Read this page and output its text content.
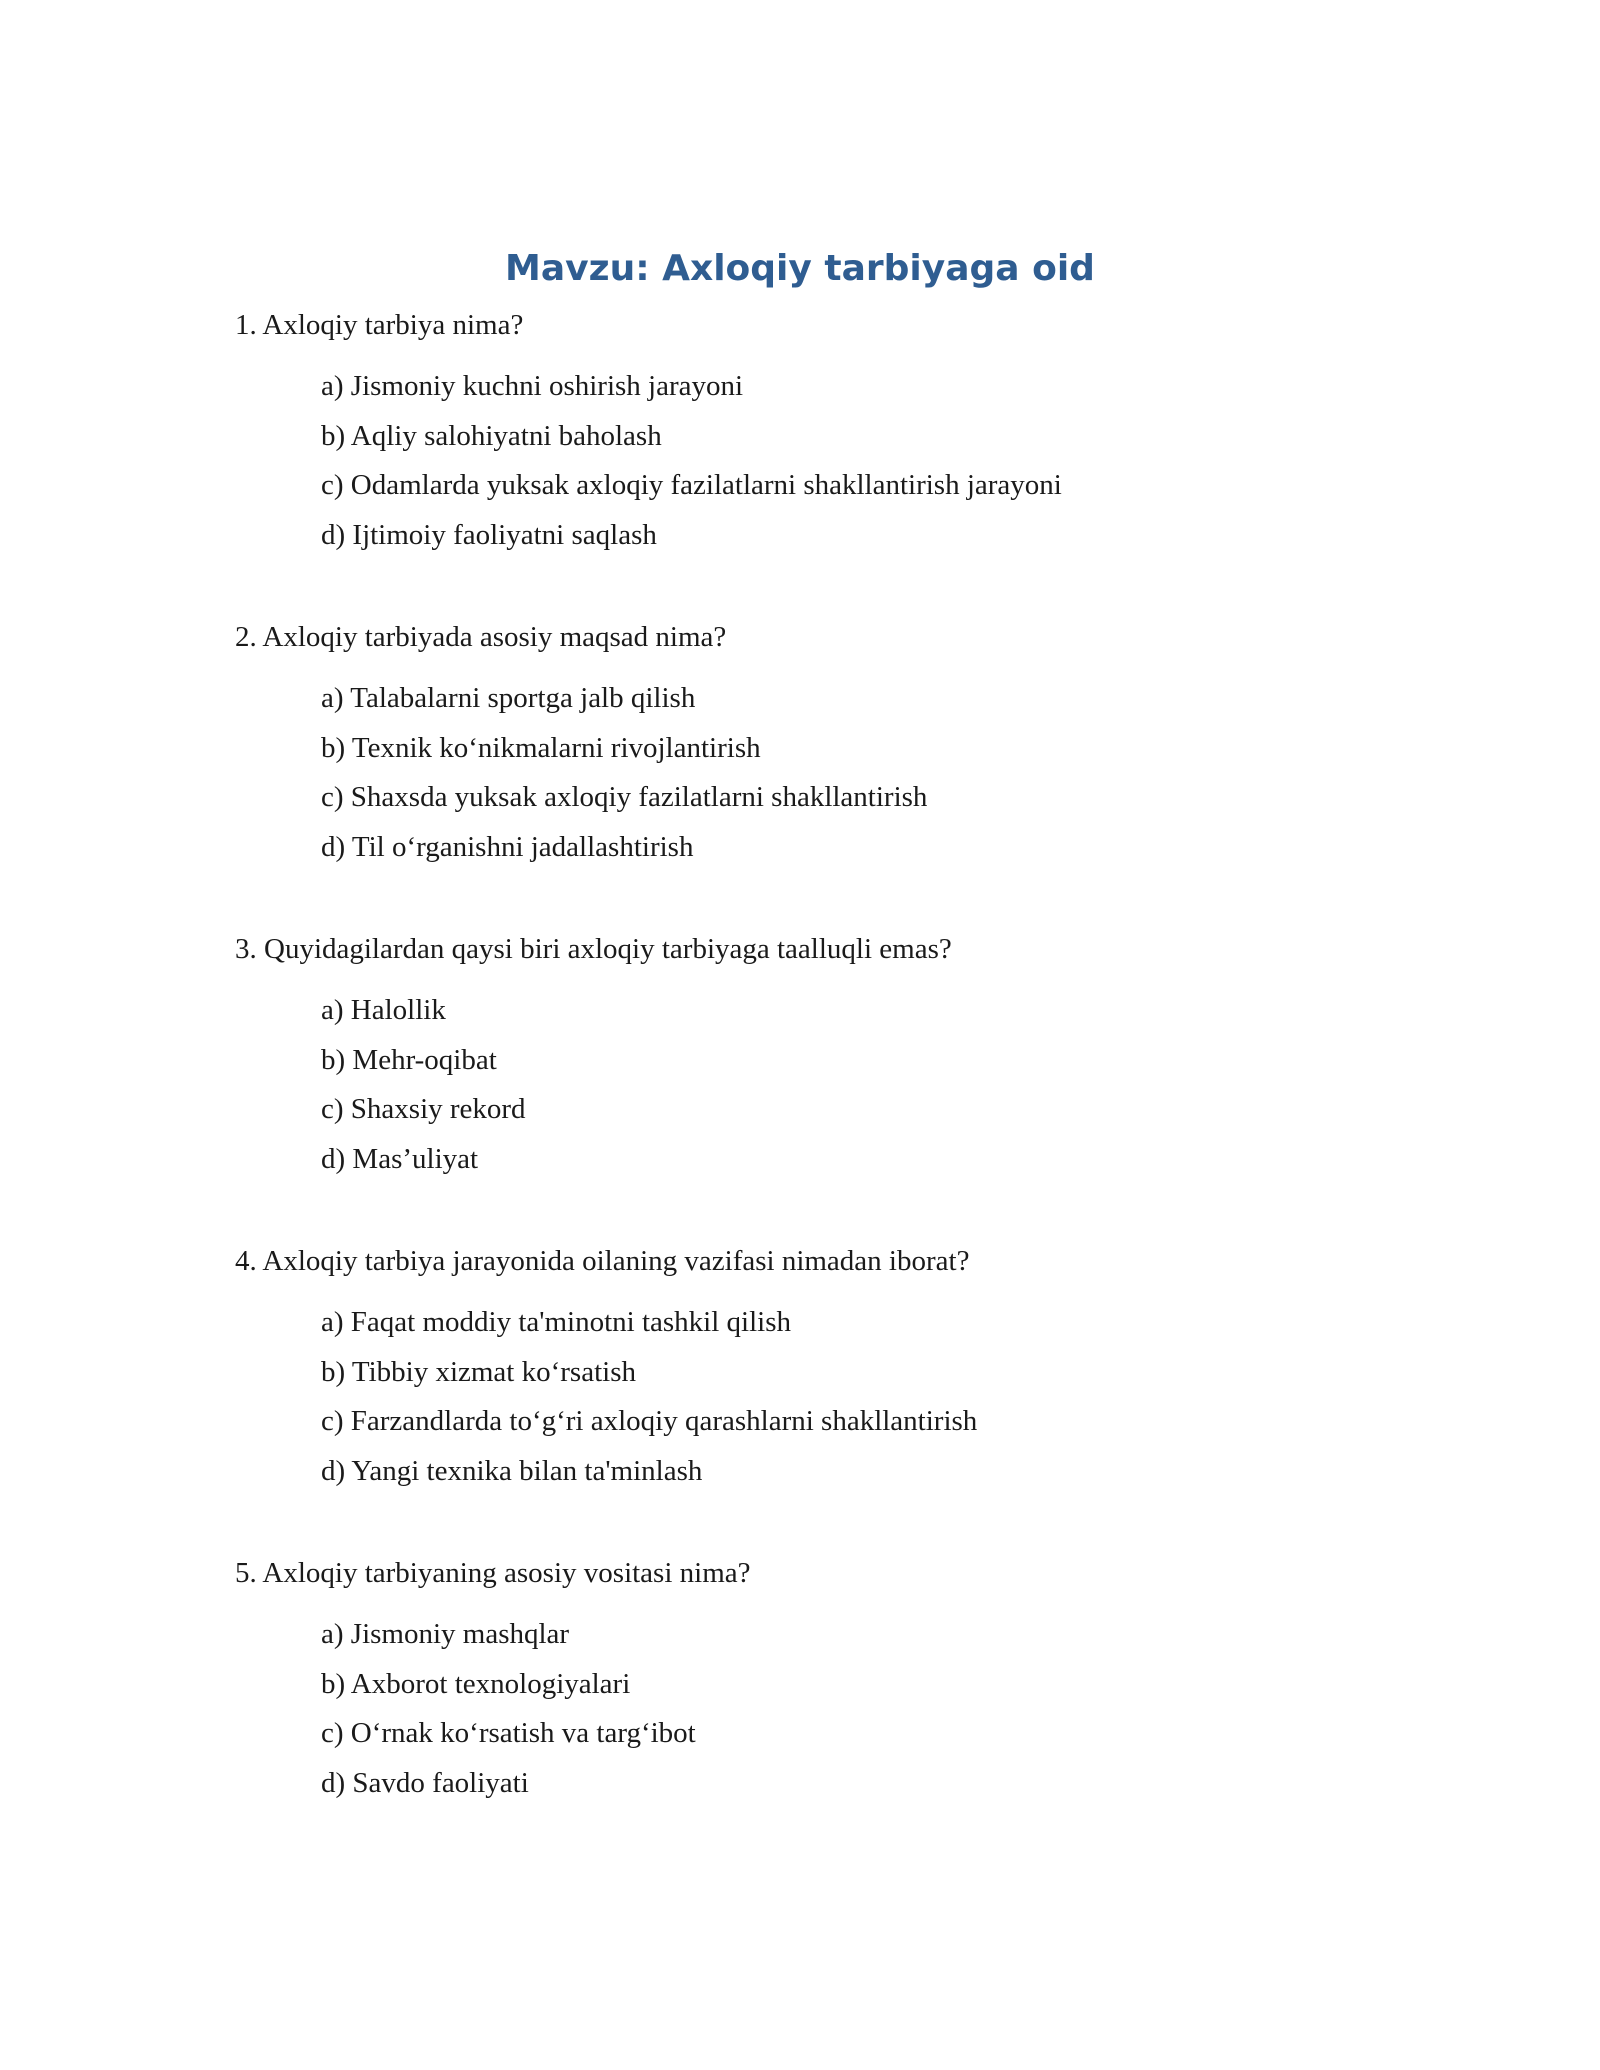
Mavzu: Axloqiy tarbiyaga oid

1. Axloqiy tarbiya nima?

a) Jismoniy kuchni oshirish jarayoni
b) Aqliy salohiyatni baholash
c) Odamlarda yuksak axloqiy fazilatlarni shakllantirish jarayoni
d) Ijtimoiy faoliyatni saqlash

2. Axloqiy tarbiyada asosiy maqsad nima?

a) Talabalarni sportga jalb qilish
b) Texnik ko‘nikmalarni rivojlantirish
c) Shaxsda yuksak axloqiy fazilatlarni shakllantirish
d) Til o‘rganishni jadallashtirish

3. Quyidagilardan qaysi biri axloqiy tarbiyaga taalluqli emas?

a) Halollik
b) Mehr-oqibat
c) Shaxsiy rekord
d) Mas’uliyat

4. Axloqiy tarbiya jarayonida oilaning vazifasi nimadan iborat?

a) Faqat moddiy ta'minotni tashkil qilish
b) Tibbiy xizmat ko‘rsatish
c) Farzandlarda to‘g‘ri axloqiy qarashlarni shakllantirish
d) Yangi texnika bilan ta'minlash

5. Axloqiy tarbiyaning asosiy vositasi nima?

a) Jismoniy mashqlar
b) Axborot texnologiyalari
c) O‘rnak ko‘rsatish va targ‘ibot
d) Savdo faoliyati
